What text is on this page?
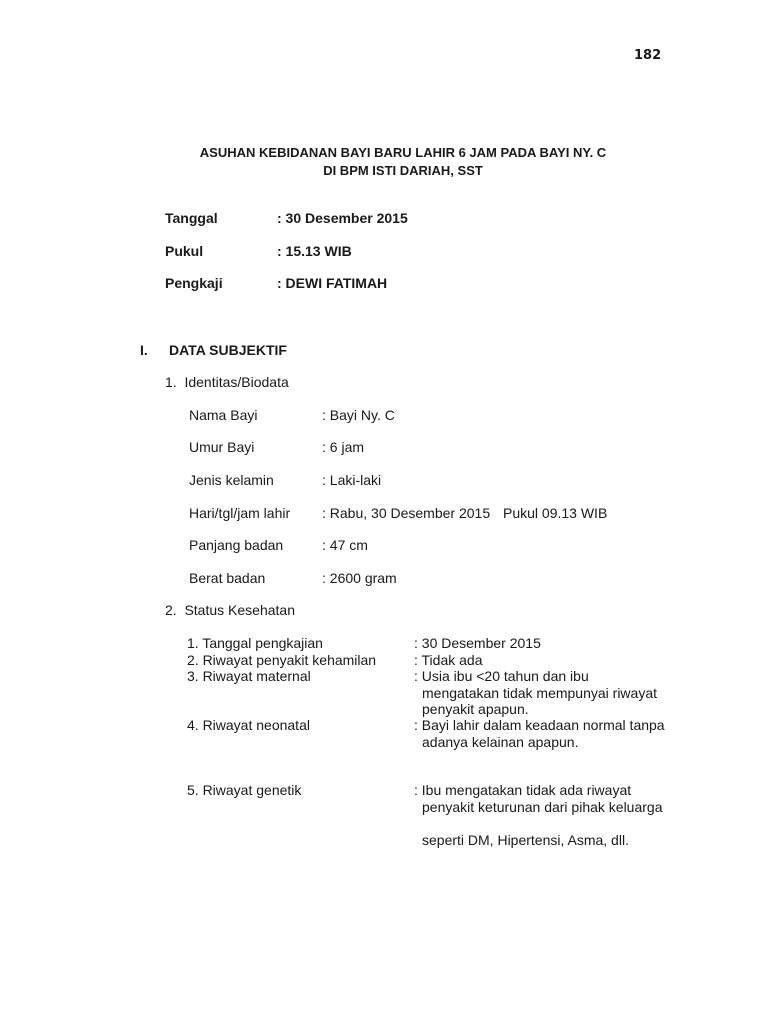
182
ASUHAN KEBIDANAN BAYI BARU LAHIR 6 JAM PADA BAYI NY. C
DI BPM ISTI DARIAH, SST
Tanggal	: 30 Desember 2015
Pukul	: 15.13 WIB
Pengkaji	: DEWI FATIMAH
I. DATA SUBJEKTIF
1.  Identitas/Biodata
Nama Bayi	: Bayi Ny. C
Umur Bayi	: 6 jam
Jenis kelamin	: Laki-laki
Hari/tgl/jam lahir : Rabu, 30 Desember 2015 Pukul 09.13 WIB
Panjang badan	: 47 cm
Berat badan	: 2600 gram
2.  Status Kesehatan
1. Tanggal pengkajian	: 30 Desember 2015
2. Riwayat penyakit kehamilan	: Tidak ada
3. Riwayat maternal	: Usia ibu <20 tahun dan ibu
mengatakan tidak mempunyai riwayat
penyakit apapun.
4. Riwayat neonatal	: Bayi lahir dalam keadaan normal tanpa
adanya kelainan apapun.
5. Riwayat genetik	: Ibu mengatakan tidak ada riwayat
penyakit keturunan dari pihak keluarga
seperti DM, Hipertensi, Asma, dll.
